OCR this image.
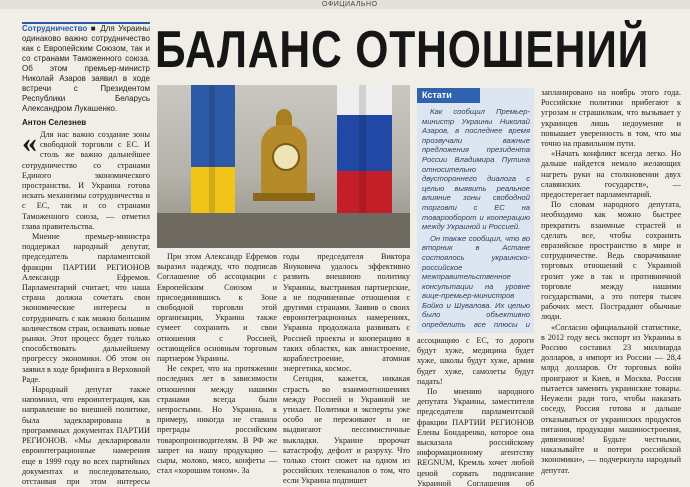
ОФИЦИАЛЬНО
Сотрудничество ■ Для Украины одинаково важно сотрудничество как с Европейским Союзом, так и со странами Таможенного союза. Об этом премьер-министр Николай Азаров заявил в ходе встречи с Президентом Республики Беларусь Александром Лукашенко.
БАЛАНС ОТНОШЕНИЙ
Антон Селезнев

« Для нас важно создание зоны свободной торговли с ЕС. И столь же важно дальнейшее сотрудничество со странами Единого экономического пространства. И Украина готова искать механизмы сотрудничества и с ЕС, так и со странами Таможенного союза, — отметил глава правительства.

Мнение премьер-министра поддержал народный депутат, председатель парламентской фракции ПАРТИИ РЕГИОНОВ Александр Ефремов. Парламентарий считает, что наша страна должна сочетать свои экономические интересы и сотрудничать с как можно большим количеством стран, осваивать новые рынки. Этот процесс будет только способствовать дальнейшему прогрессу экономики. Об этом он заявил в ходе брифинга в Верховной Раде.

Народный депутат также напомнил, что евроинтеграция, как направление во внешней политике, была задекларирована в программных документах ПАРТИИ РЕГИОНОВ. «Мы декларировали евроинтеграционные намерения еще в 1999 году во всех партийных документах и последовательно, отстаивая при этом интересы

При этом Александр Ефремов выразил надежду, что подписав Соглашение об ассоциации с Европейским Союзом и присоединившись к Зоне свободной торговли этой организации, Украина также сумеет сохранить и свои отношения с Россией, остающейся основным торговым партнером Украины.

Не секрет, что на протяжении последних лет в зависимости отношения между нашими странами всегда были непростыми. Но Украина, к примеру, никогда не ставила преграды российским товаропроизводителям. В РФ же запрет на нашу продукцию — сыры, молоко, мясо, конфеты — стал «хорошим тоном». За

годы председателя Виктора Януковича удалось эффективно развить внешнюю политику Украины, выстраивая партнерские, а не подчиненные отношения с другими странами. Заявив о своих евроинтеграционных намерениях, Украина продолжала развивать с Россией проекты и кооперацию в таких областях, как авиастроение, кораблестроение, атомная энергетика, космос.

Сегодня, кажется, никакая страсть во взаимоотношениях между Россией и Украиной не утихает. Политики и эксперты уже особо не переживают и не выдвигают пессимистичные выкладки. Украине пророчат катастрофу, дефолт и разруху. Что только стоит сюжет на одном из российских телеканалов о том, что если Украина подпишет

Кстати

Как сообщил Премьер-министр Украины Николай Азаров, в последнее время прозвучали важные предложения президента России Владимира Путина относительно двустороннего диалога с целью выявить реальное влияние зоны свободной торговли с ЕС на товарооборот и кооперацию между Украиной и Россией.

Он также сообщил, что во вторник в Астане состоялось украинско-российское межправительственное консультации на уровне вице-премьер-министров Бойко и Шувалова. Их целью было объективно определить все плюсы и

ассоциацию с ЕС, то дороги будут хуже, медицина будет хуже, школы будут хуже, армия будет хуже, самолеты будут падать!

По мнению народного депутата Украины, заместителя председателя парламентской фракции ПАРТИИ РЕГИОНОВ Елены Бондаренко, которое она высказала российскому информационному агентству REGNUM, Кремль хочет любой ценой сорвать подписание Украиной Соглашения об

запланировано на ноябрь этого года. Российские политики прибегают к угрозам и страшилкам, что вызывает у украинцев лишь недоумение и повышает уверенность в том, что мы точно на правильном пути.

«Начать конфликт всегда легко. Но дальше найдется немало желающих нагреть руки на столкновении двух славянских государств», — предостерегает парламентарий.

По словам народного депутата, необходимо как можно быстрее прекратить взаимные страстей и сделать все, чтобы сохранить евразийское пространство в мире и сотрудничестве. Ведь сворачивание торговых отношений с Украиной грозит уже в так и противничной торговле между нашими государствами, а это потеря тысяч рабочих мест. Пострадают обычные люди.

«Согласно официальной статистике, в 2012 году весь экспорт из Украины в Россию составил 23 миллиарда долларов, а импорт из России — 28,4 млрд долларов. От торговых войн проиграют и Киев, и Москва. Россия пытается заменить украинские товары. Неужели ради того, чтобы наказать соседу, Россия готова и дальше отказываться от украинских продуктов питания, продукции машиностроения, дивизионов! Будьте честными, наказывайте и потери российской экономики», — подчеркнула народный депутат.
